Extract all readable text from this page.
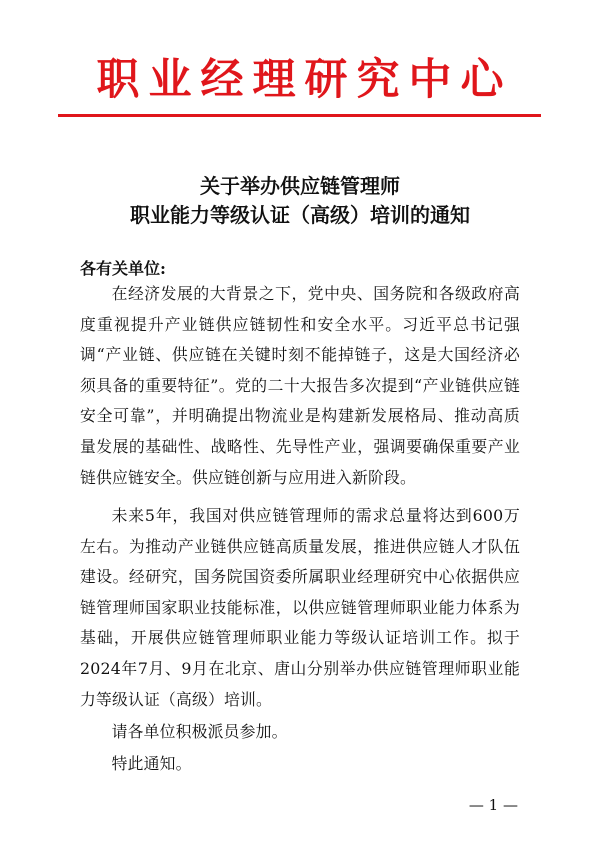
职业经理研究中心
关于举办供应链管理师
职业能力等级认证（高级）培训的通知
各有关单位:
在经济发展的大背景之下，党中央、国务院和各级政府高度重视提升产业链供应链韧性和安全水平。习近平总书记强调“产业链、供应链在关键时刻不能掉链子，这是大国经济必须具备的重要特征”。党的二十大报告多次提到“产业链供应链安全可靠”，并明确提出物流业是构建新发展格局、推动高质量发展的基础性、战略性、先导性产业，强调要确保重要产业链供应链安全。供应链创新与应用进入新阶段。
未来5年，我国对供应链管理师的需求总量将达到600万左右。为推动产业链供应链高质量发展，推进供应链人才队伍建设。经研究，国务院国资委所属职业经理研究中心依据供应链管理师国家职业技能标准，以供应链管理师职业能力体系为基础，开展供应链管理师职业能力等级认证培训工作。拟于2024年7月、9月在北京、唐山分别举办供应链管理师职业能力等级认证（高级）培训。
请各单位积极派员参加。
特此通知。
— 1 —
